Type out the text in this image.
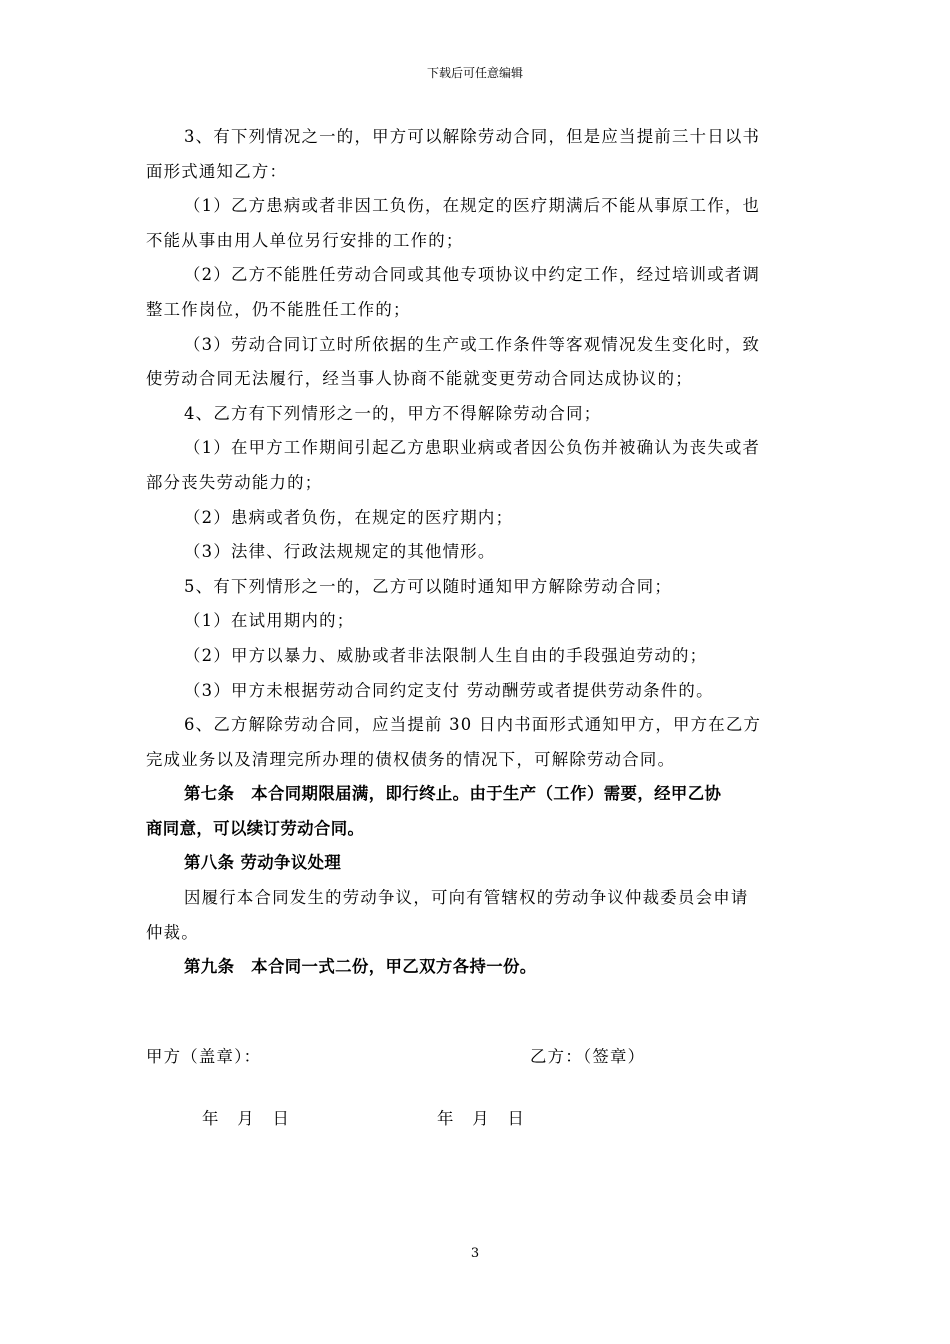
下载后可任意编辑
3、有下列情况之一的，甲方可以解除劳动合同，但是应当提前三十日以书
面形式通知乙方：
（1）乙方患病或者非因工负伤，在规定的医疗期满后不能从事原工作，也
不能从事由用人单位另行安排的工作的；
（2）乙方不能胜任劳动合同或其他专项协议中约定工作，经过培训或者调
整工作岗位，仍不能胜任工作的；
（3）劳动合同订立时所依据的生产或工作条件等客观情况发生变化时，致
使劳动合同无法履行，经当事人协商不能就变更劳动合同达成协议的；
4、乙方有下列情形之一的，甲方不得解除劳动合同；
（1）在甲方工作期间引起乙方患职业病或者因公负伤并被确认为丧失或者
部分丧失劳动能力的；
（2）患病或者负伤，在规定的医疗期内；
（3）法律、行政法规规定的其他情形。
5、有下列情形之一的，乙方可以随时通知甲方解除劳动合同；
（1）在试用期内的；
（2）甲方以暴力、威胁或者非法限制人生自由的手段强迫劳动的；
（3）甲方未根据劳动合同约定支付 劳动酬劳或者提供劳动条件的。
6、乙方解除劳动合同，应当提前 30 日内书面形式通知甲方，甲方在乙方
完成业务以及清理完所办理的债权债务的情况下，可解除劳动合同。
第七条　本合同期限届满，即行终止。由于生产（工作）需要，经甲乙协
商同意，可以续订劳动合同。
第八条 劳动争议处理
因履行本合同发生的劳动争议，可向有管辖权的劳动争议仲裁委员会申请
仲裁。
第九条　本合同一式二份，甲乙双方各持一份。
甲方（盖章）：	乙方：（签章）
年　月　日	年　月　日
3
